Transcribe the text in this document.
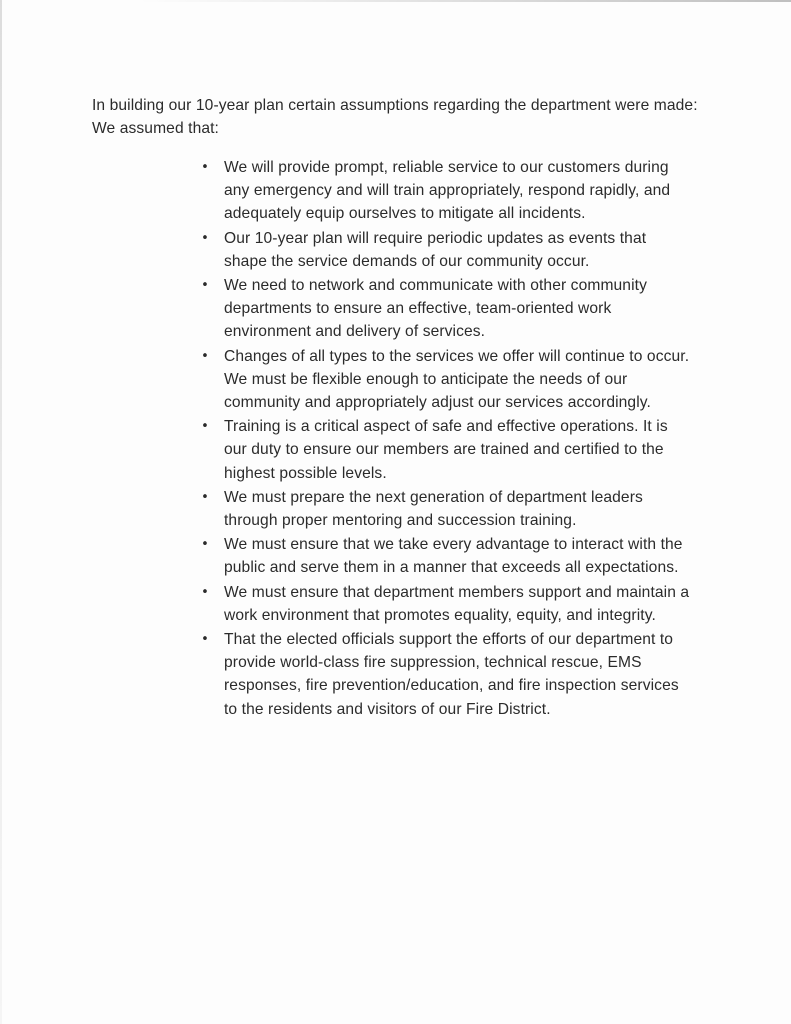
In building our 10-year plan certain assumptions regarding the department were made: We assumed that:

• We will provide prompt, reliable service to our customers during any emergency and will train appropriately, respond rapidly, and adequately equip ourselves to mitigate all incidents.
• Our 10-year plan will require periodic updates as events that shape the service demands of our community occur.
• We need to network and communicate with other community departments to ensure an effective, team-oriented work environment and delivery of services.
• Changes of all types to the services we offer will continue to occur. We must be flexible enough to anticipate the needs of our community and appropriately adjust our services accordingly.
• Training is a critical aspect of safe and effective operations. It is our duty to ensure our members are trained and certified to the highest possible levels.
• We must prepare the next generation of department leaders through proper mentoring and succession training.
• We must ensure that we take every advantage to interact with the public and serve them in a manner that exceeds all expectations.
• We must ensure that department members support and maintain a work environment that promotes equality, equity, and integrity.
• That the elected officials support the efforts of our department to provide world-class fire suppression, technical rescue, EMS responses, fire prevention/education, and fire inspection services to the residents and visitors of our Fire District.
